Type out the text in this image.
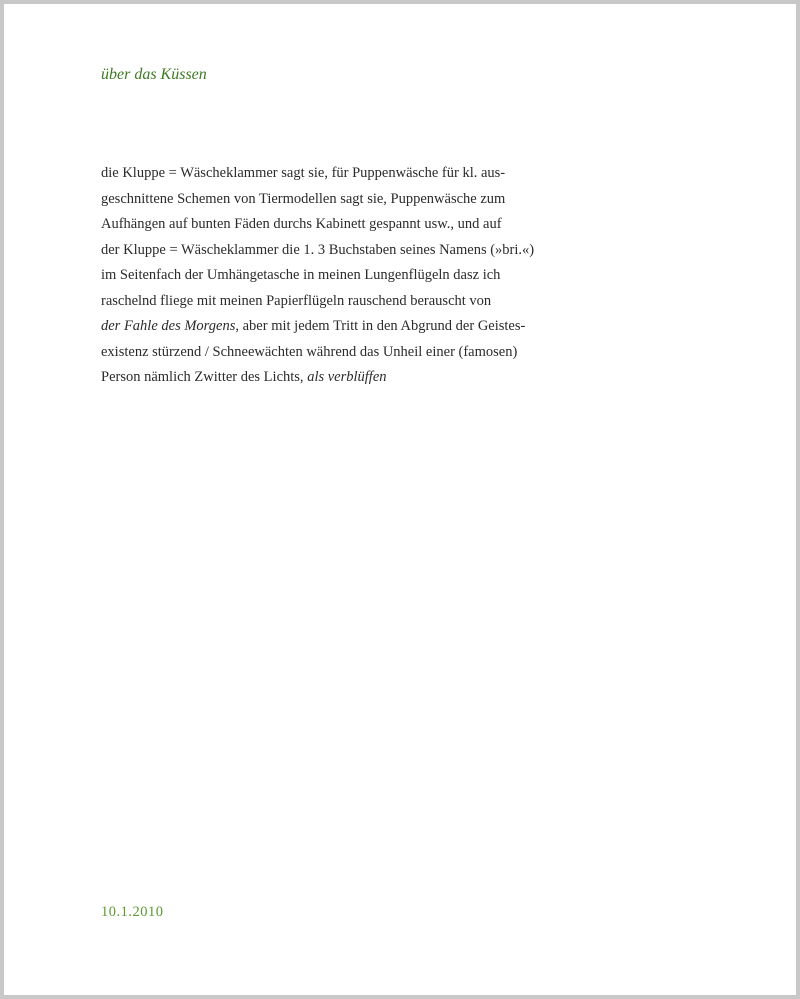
über das Küssen
die Kluppe = Wäscheklammer sagt sie, für Puppenwäsche für kl. aus-
geschnittene Schemen von Tiermodellen sagt sie, Puppenwäsche zum
Aufhängen auf bunten Fäden durchs Kabinett gespannt usw., und auf
der Kluppe = Wäscheklammer die 1. 3 Buchstaben seines Namens (»bri.«)
im Seitenfach der Umhängetasche in meinen Lungenflügeln dasz ich
raschelnd fliege mit meinen Papierflügeln rauschend berauscht von
der Fahle des Morgens, aber mit jedem Tritt in den Abgrund der Geistes-
existenz stürzend / Schneewächten während das Unheil einer (famosen)
Person nämlich Zwitter des Lichts, als verblüffen
10.1.2010
